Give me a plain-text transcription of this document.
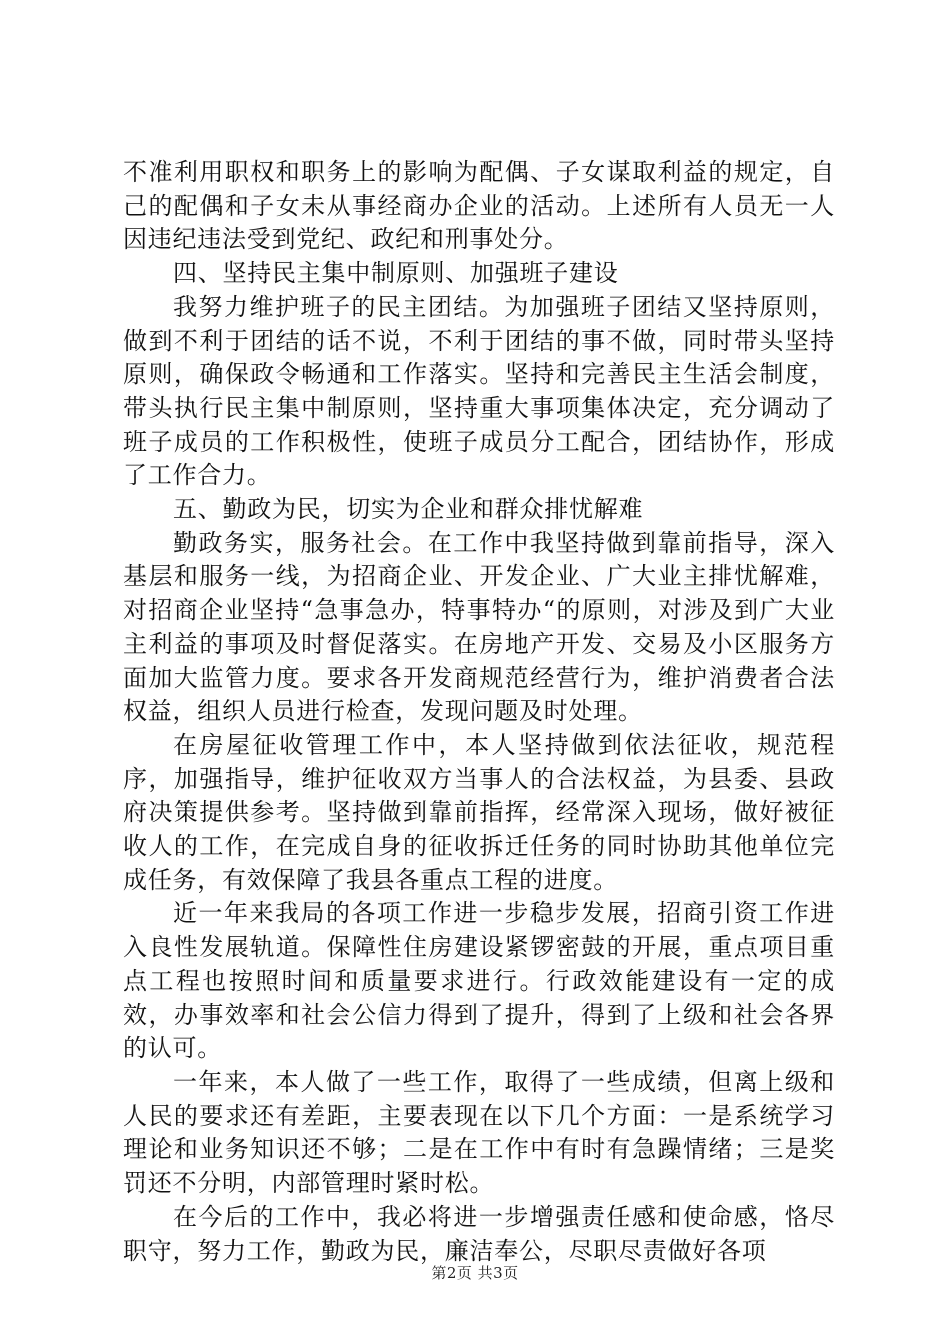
不准利用职权和职务上的影响为配偶、子女谋取利益的规定，自己的配偶和子女未从事经商办企业的活动。上述所有人员无一人因违纪违法受到党纪、政纪和刑事处分。

四、坚持民主集中制原则、加强班子建设

我努力维护班子的民主团结。为加强班子团结又坚持原则，做到不利于团结的话不说，不利于团结的事不做，同时带头坚持原则，确保政令畅通和工作落实。坚持和完善民主生活会制度，带头执行民主集中制原则，坚持重大事项集体决定，充分调动了班子成员的工作积极性，使班子成员分工配合，团结协作，形成了工作合力。

五、勤政为民，切实为企业和群众排忧解难

勤政务实，服务社会。在工作中我坚持做到靠前指导，深入基层和服务一线，为招商企业、开发企业、广大业主排忧解难，对招商企业坚持“急事急办，特事特办“的原则，对涉及到广大业主利益的事项及时督促落实。在房地产开发、交易及小区服务方面加大监管力度。要求各开发商规范经营行为，维护消费者合法权益，组织人员进行检查，发现问题及时处理。

在房屋征收管理工作中，本人坚持做到依法征收，规范程序，加强指导，维护征收双方当事人的合法权益，为县委、县政府决策提供参考。坚持做到靠前指挥，经常深入现场，做好被征收人的工作，在完成自身的征收拆迁任务的同时协助其他单位完成任务，有效保障了我县各重点工程的进度。

近一年来我局的各项工作进一步稳步发展，招商引资工作进入良性发展轨道。保障性住房建设紧锣密鼓的开展，重点项目重点工程也按照时间和质量要求进行。行政效能建设有一定的成效，办事效率和社会公信力得到了提升，得到了上级和社会各界的认可。

一年来，本人做了一些工作，取得了一些成绩，但离上级和人民的要求还有差距，主要表现在以下几个方面：一是系统学习理论和业务知识还不够；二是在工作中有时有急躁情绪；三是奖罚还不分明，内部管理时紧时松。

在今后的工作中，我必将进一步增强责任感和使命感，恪尽职守，努力工作，勤政为民，廉洁奉公，尽职尽责做好各项

第2页 共3页
